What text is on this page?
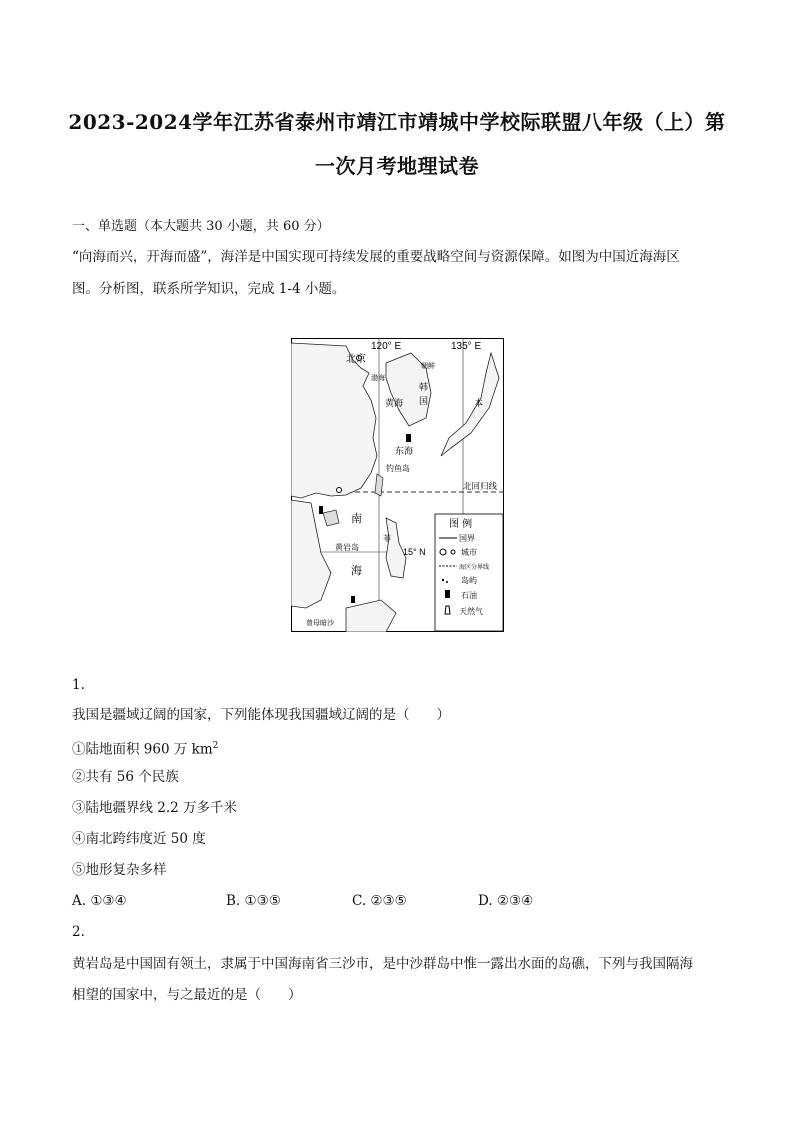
2023-2024学年江苏省泰州市靖江市靖城中学校际联盟八年级（上）第
一次月考地理试卷
一、单选题（本大题共 30 小题，共 60 分）
“向海而兴，开海而盛”，海洋是中国实现可持续发展的重要战略空间与资源保障。如图为中国近海海区
图。分析图，联系所学知识，完成 1-4 小题。
120° E	135° E
北京
渤海
朝鲜
韩
国
黄海
东海
钓鱼岛
本
北回归线
南
黄岩岛	15° N
海
菲
曾母暗沙
图 例
国界
城市
海区分界线
岛屿
石油
天然气
1.
我国是疆域辽阔的国家，下列能体现我国疆域辽阔的是（　　）
①陆地面积 960 万 $km^2$
②共有 56 个民族
③陆地疆界线 2.2 万多千米
④南北跨纬度近 50 度
⑤地形复杂多样
A. ①③④	B. ①③⑤	C. ②③⑤	D. ②③④
2.
黄岩岛是中国固有领土，隶属于中国海南省三沙市，是中沙群岛中惟一露出水面的岛礁，下列与我国隔海
相望的国家中，与之最近的是（　　）
